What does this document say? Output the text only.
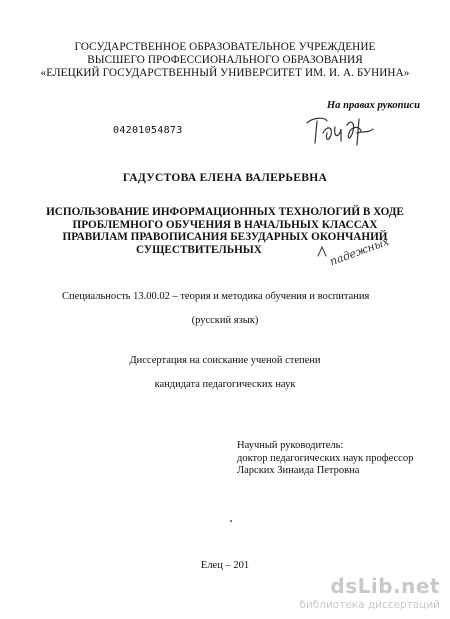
ГОСУДАРСТВЕННОЕ ОБРАЗОВАТЕЛЬНОЕ УЧРЕЖДЕНИЕ
ВЫСШЕГО ПРОФЕССИОНАЛЬНОГО ОБРАЗОВАНИЯ
«ЕЛЕЦКИЙ ГОСУДАРСТВЕННЫЙ УНИВЕРСИТЕТ ИМ. И. А. БУНИНА»
На правах рукописи
04201054873
ГАДУСТОВА ЕЛЕНА ВАЛЕРЬЕВНА
ИСПОЛЬЗОВАНИЕ ИНФОРМАЦИОННЫХ ТЕХНОЛОГИЙ В ХОДЕ
ПРОБЛЕМНОГО ОБУЧЕНИЯ В НАЧАЛЬНЫХ КЛАССАХ
ПРАВИЛАМ ПРАВОПИСАНИЯ БЕЗУДАРНЫХ ОКОНЧАНИЙ
СУЩЕСТВИТЕЛЬНЫХ	падежных
Специальность 13.00.02 – теория и методика обучения и воспитания
(русский язык)
Диссертация на соискание ученой степени
кандидата педагогических наук
Научный руководитель:
доктор педагогических наук профессор
Ларских Зинаида Петровна
Елец – 201
dsLib.net
библиотека диссертаций
